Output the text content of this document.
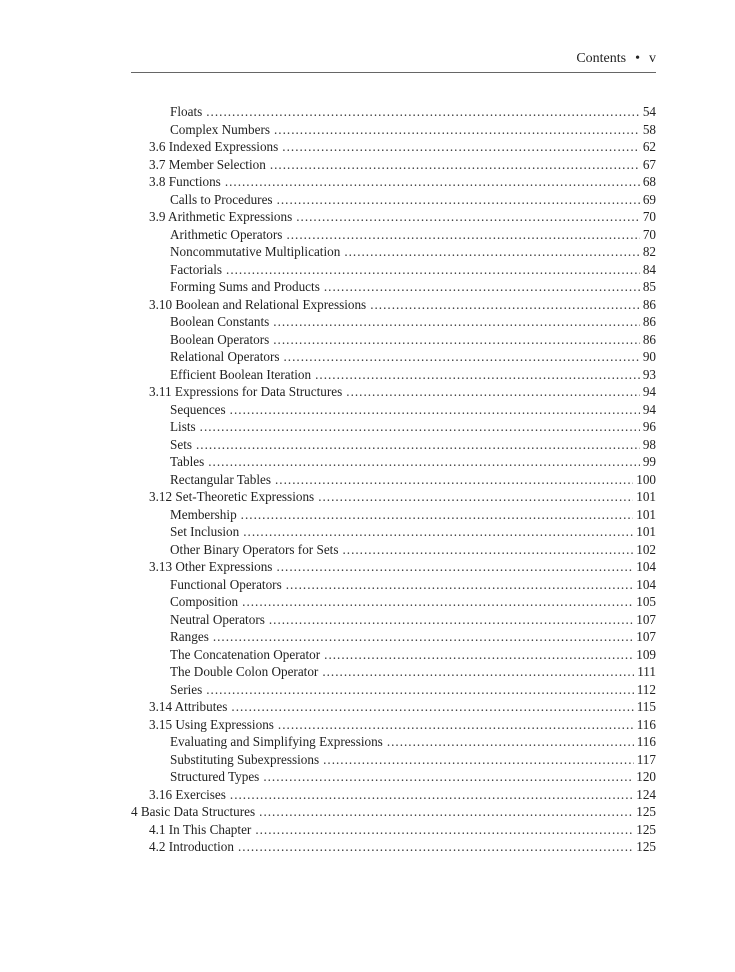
Contents • v
Floats .....	54
Complex Numbers .....	58
3.6 Indexed Expressions .....	62
3.7 Member Selection .....	67
3.8 Functions .....	68
Calls to Procedures .....	69
3.9 Arithmetic Expressions .....	70
Arithmetic Operators .....	70
Noncommutative Multiplication .....	82
Factorials .....	84
Forming Sums and Products .....	85
3.10 Boolean and Relational Expressions .....	86
Boolean Constants .....	86
Boolean Operators .....	86
Relational Operators .....	90
Efficient Boolean Iteration .....	93
3.11 Expressions for Data Structures .....	94
Sequences .....	94
Lists .....	96
Sets .....	98
Tables .....	99
Rectangular Tables .....	100
3.12 Set-Theoretic Expressions .....	101
Membership .....	101
Set Inclusion .....	101
Other Binary Operators for Sets .....	102
3.13 Other Expressions .....	104
Functional Operators .....	104
Composition .....	105
Neutral Operators .....	107
Ranges .....	107
The Concatenation Operator .....	109
The Double Colon Operator .....	111
Series .....	112
3.14 Attributes .....	115
3.15 Using Expressions .....	116
Evaluating and Simplifying Expressions .....	116
Substituting Subexpressions .....	117
Structured Types .....	120
3.16 Exercises .....	124
4 Basic Data Structures .....	125
4.1 In This Chapter .....	125
4.2 Introduction .....	125
